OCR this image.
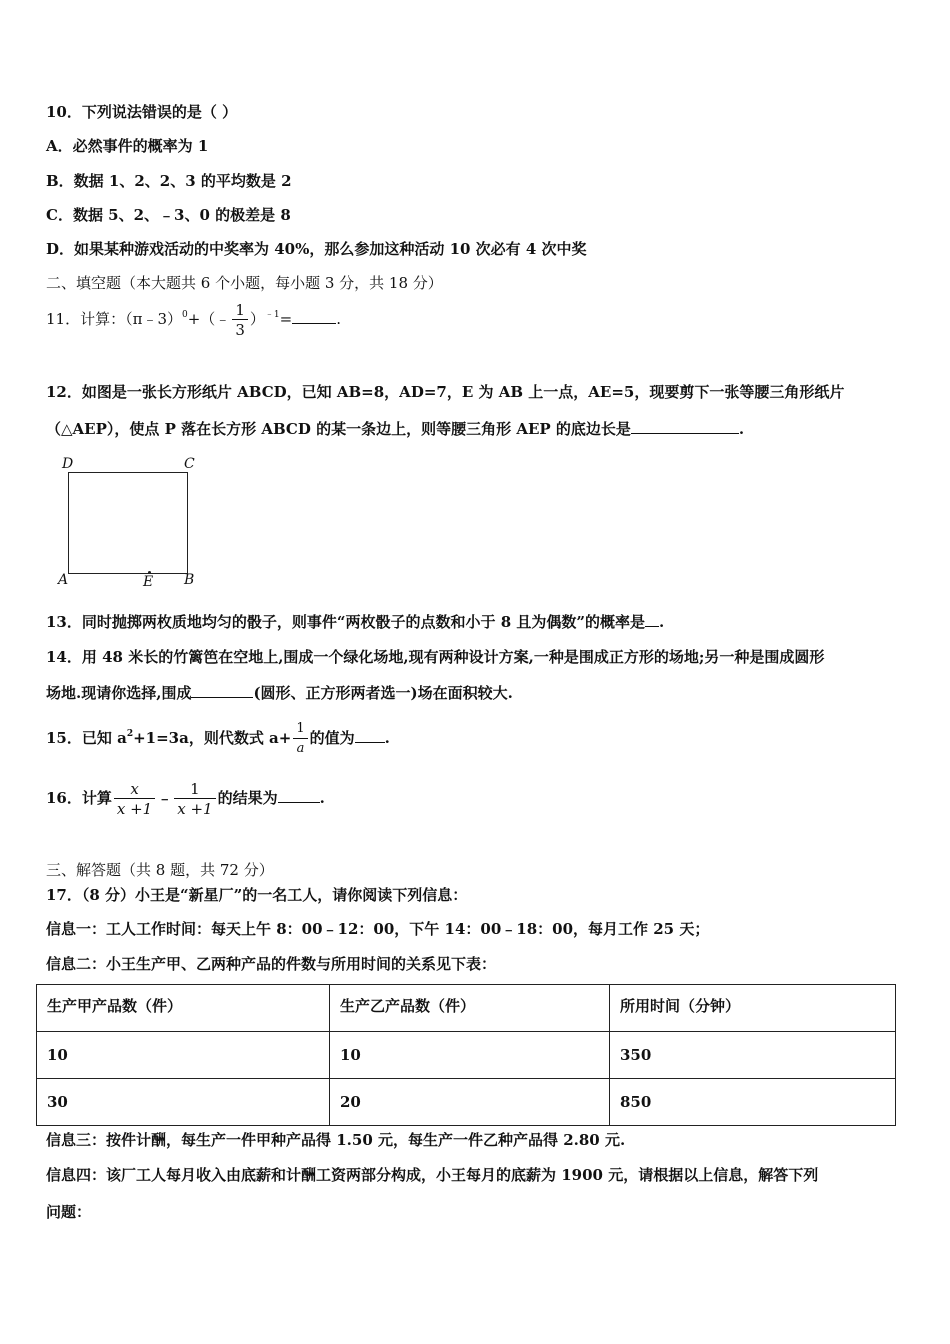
10．下列说法错误的是（ ）
A．必然事件的概率为 1
B．数据 1、2、2、3 的平均数是 2
C．数据 5、2、﹣3、0 的极差是 8
D．如果某种游戏活动的中奖率为 40%，那么参加这种活动 10 次必有 4 次中奖
二、填空题（本大题共 6 个小题，每小题 3 分，共 18 分）
11．计算：（π﹣3）$^0$+（﹣ $\frac{1}{3} )^{﹣1}=$	.
12．如图是一张长方形纸片 ABCD，已知 AB=8，AD=7，E 为 AB 上一点，AE=5，现要剪下一张等腰三角形纸片
（△AEP），使点 P 落在长方形 ABCD 的某一条边上，则等腰三角形 AEP 的底边长是	.
D	C
A	E B
13．同时抛掷两枚质地均匀的骰子，则事件“两枚骰子的点数和小于 8 且为偶数”的概率是 .
14．用 48 米长的竹篱笆在空地上,围成一个绿化场地,现有两种设计方案,一种是围成正方形的场地;另一种是围成圆形
场地.现请你选择,围成	(圆形、正方形两者选一)场在面积较大.
15．已知 $a^2+1=3a$，则代数式 $a+ \frac{1}{a}$ 的值为 .
16．计算 $\frac{x}{x +1}$ ﹣ $\frac{1}{x +1}$ 的结果为	.
三、解答题（共 8 题，共 72 分）
17．（8 分）小王是“新星厂”的一名工人，请你阅读下列信息：
信息一：工人工作时间：每天上午 8：00﹣12：00，下午 14：00﹣18：00，每月工作 25 天；
信息二：小王生产甲、乙两种产品的件数与所用时间的关系见下表：
生产甲产品数（件）	生产乙产品数（件）	所用时间（分钟）
10	10	350
30	20	850
信息三：按件计酬，每生产一件甲种产品得 1.50 元，每生产一件乙种产品得 2.80 元.
信息四：该厂工人每月收入由底薪和计酬工资两部分构成，小王每月的底薪为 1900 元，请根据以上信息，解答下列
问题：
